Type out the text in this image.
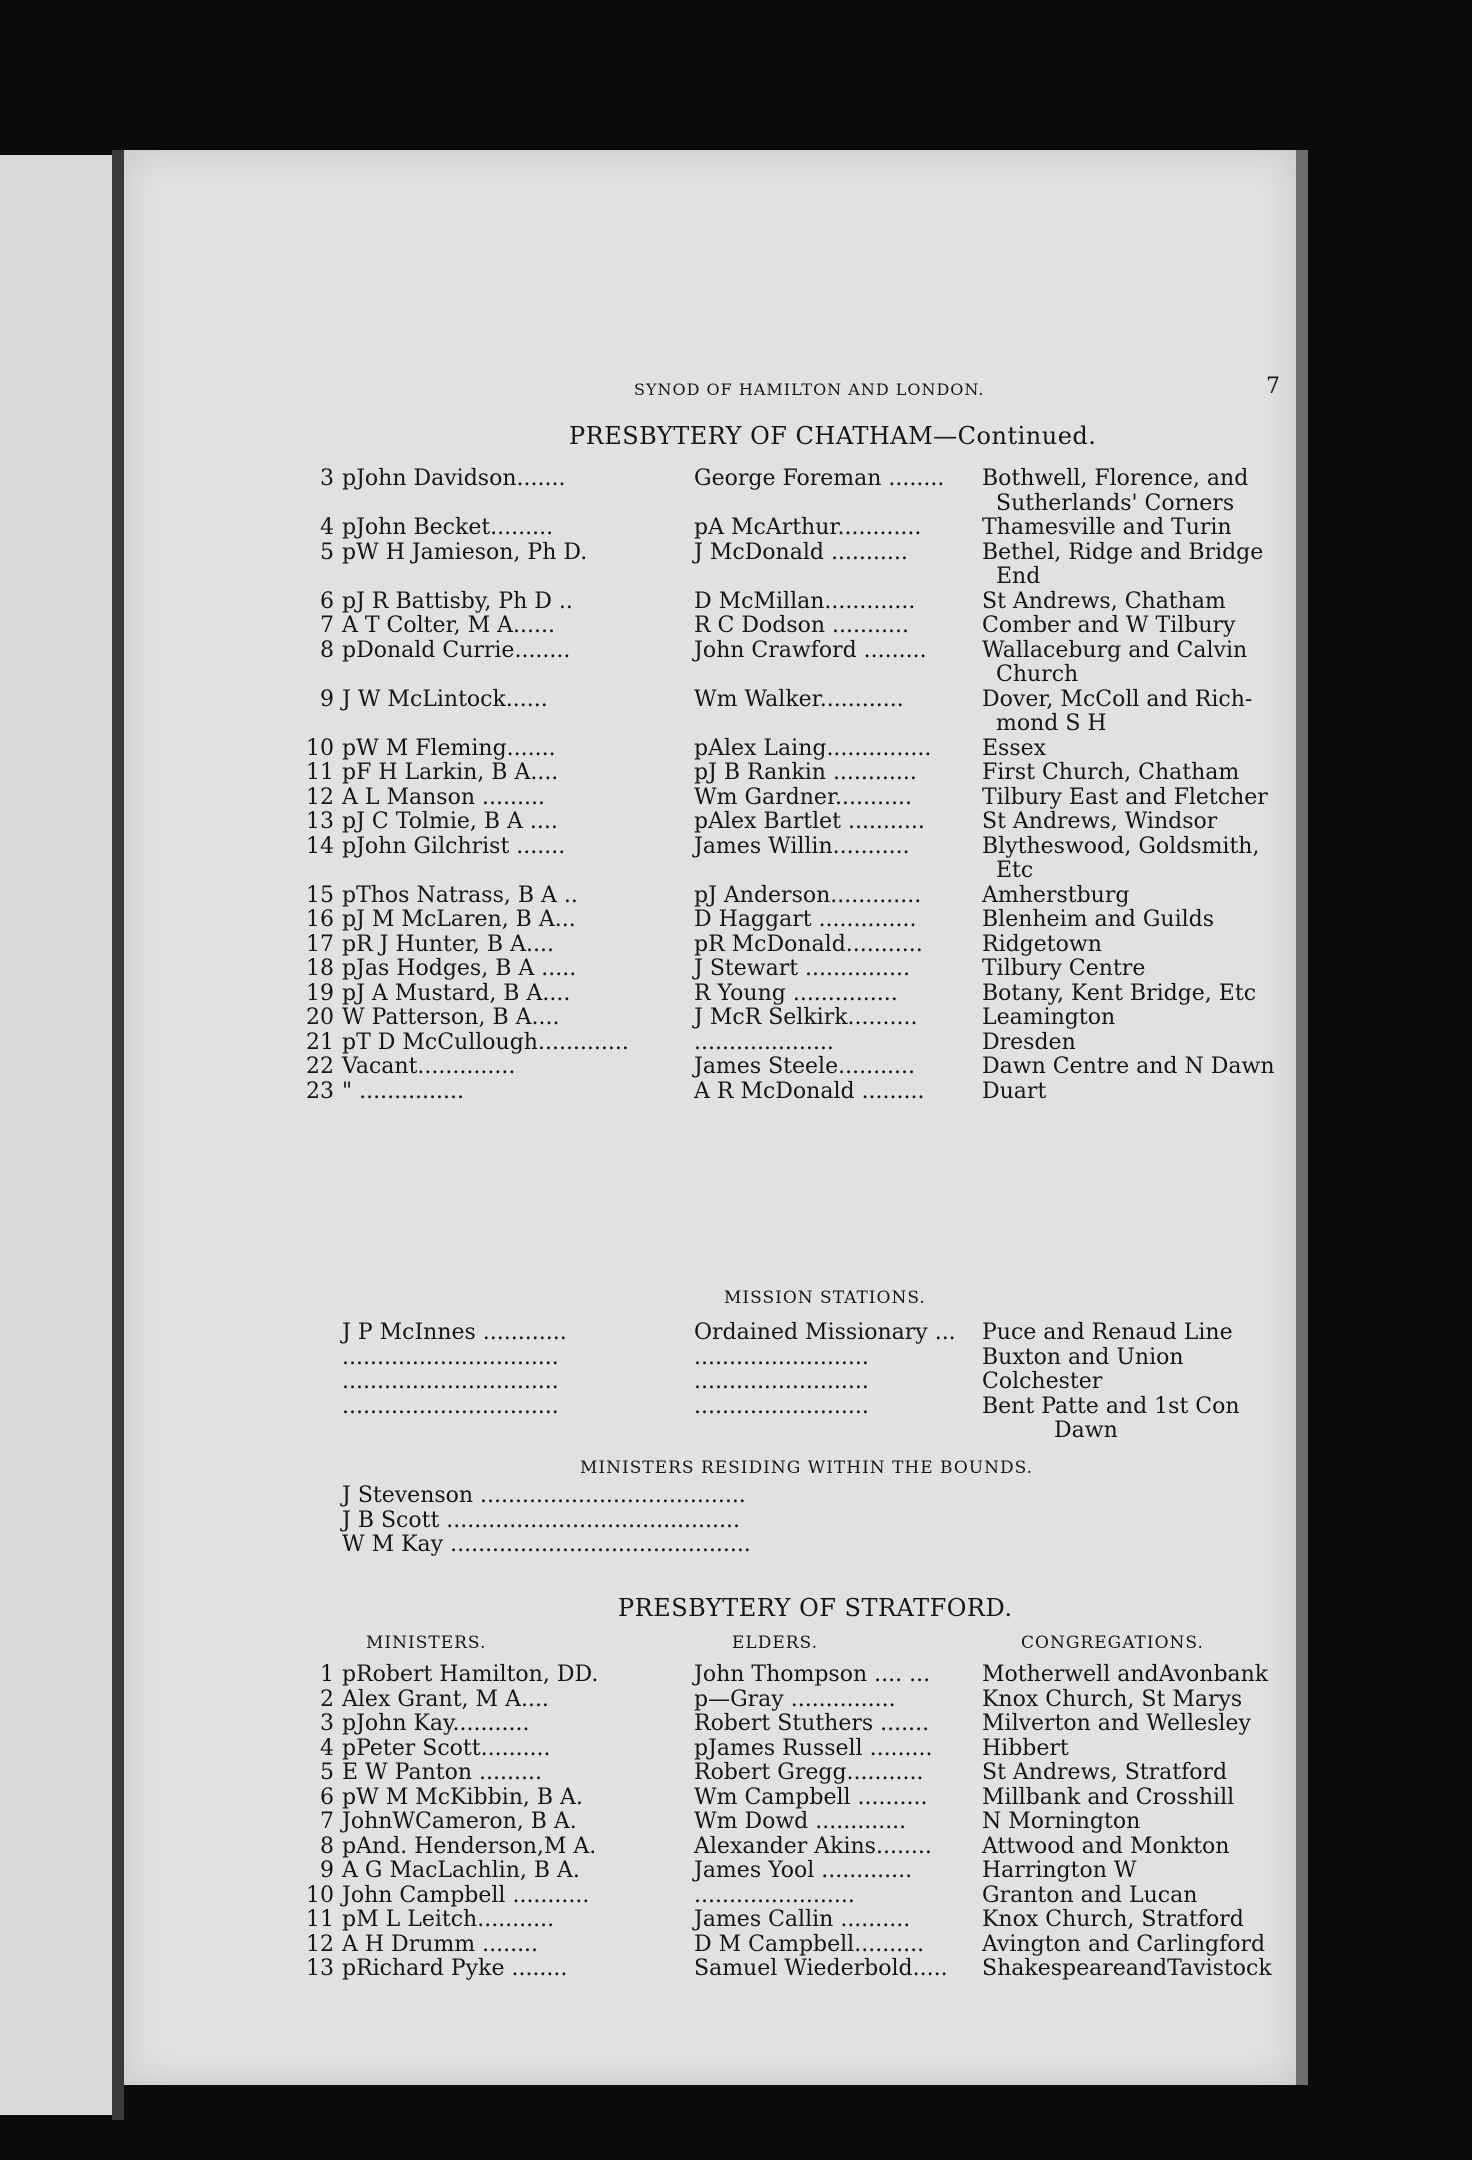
SYNOD OF HAMILTON AND LONDON.	7
PRESBYTERY OF CHATHAM—Continued.
3 pJohn Davidson.......	George Foreman ........ Bothwell, Florence, and
Sutherlands' Corners
4 pJohn Becket.........	pA McArthur............	Thamesville and Turin
5 pW H Jamieson, Ph D.	J McDonald ...........	Bethel, Ridge and Bridge
End
6 pJ R Battisby, Ph D ..	D McMillan.............	St Andrews, Chatham
7 A T Colter, M A......	R C Dodson ...........	Comber and W Tilbury
8 pDonald Currie........	John Crawford .........	Wallaceburg and Calvin
Church
9 J W McLintock......	Wm Walker............	Dover, McColl and Rich-
mond S H
10 pW M Fleming.......	pAlex Laing............... Essex
11 pF H Larkin, B A....	pJ B Rankin ............	First Church, Chatham
12 A L Manson .........	Wm Gardner...........	Tilbury East and Fletcher
13 pJ C Tolmie, B A ....	pAlex Bartlet ...........	St Andrews, Windsor
14 pJohn Gilchrist .......	James Willin...........	Blytheswood, Goldsmith,
Etc
15 pThos Natrass, B A ..	pJ Anderson.............	Amherstburg
16 pJ M McLaren, B A...	D Haggart ..............	Blenheim and Guilds
17 pR J Hunter, B A....	pR McDonald...........	Ridgetown
18 pJas Hodges, B A .....	J Stewart ...............	Tilbury Centre
19 pJ A Mustard, B A....	R Young ...............	Botany, Kent Bridge, Etc
20 W Patterson, B A....	J McR Selkirk..........	Leamington
21 pT D McCullough.............	....................	Dresden
22 Vacant..............	James Steele...........	Dawn Centre and N Dawn
23 " ...............	A R McDonald .........	Duart
MISSION STATIONS.
J P McInnes ............	Ordained Missionary ... Puce and Renaud Line
...............................	.........................	Buxton and Union
...............................	.........................	Colchester
...............................	.........................	Bent Patte and 1st Con
Dawn
MINISTERS RESIDING WITHIN THE BOUNDS.
J Stevenson ......................................
J B Scott ..........................................
W M Kay ...........................................
PRESBYTERY OF STRATFORD.
MINISTERS.	ELDERS.	CONGREGATIONS.
1 pRobert Hamilton, DD.	John Thompson .... ... Motherwell andAvonbank
2 Alex Grant, M A....	p—Gray ...............	Knox Church, St Marys
3 pJohn Kay...........	Robert Stuthers ....... Milverton and Wellesley
4 pPeter Scott..........	pJames Russell ......... Hibbert
5 E W Panton .........	Robert Gregg...........	St Andrews, Stratford
6 pW M McKibbin, B A.	Wm Campbell .......... Millbank and Crosshill
7 JohnWCameron, B A.	Wm Dowd .............	N Mornington
8 pAnd. Henderson,M A.	Alexander Akins........ Attwood and Monkton
9 A G MacLachlin, B A.	James Yool .............	Harrington W
10 John Campbell ...........	.......................	Granton and Lucan
11 pM L Leitch...........	James Callin ..........	Knox Church, Stratford
12 A H Drumm ........	D M Campbell..........	Avington and Carlingford
13 pRichard Pyke ........	Samuel Wiederbold..... ShakespeareandTavistock
